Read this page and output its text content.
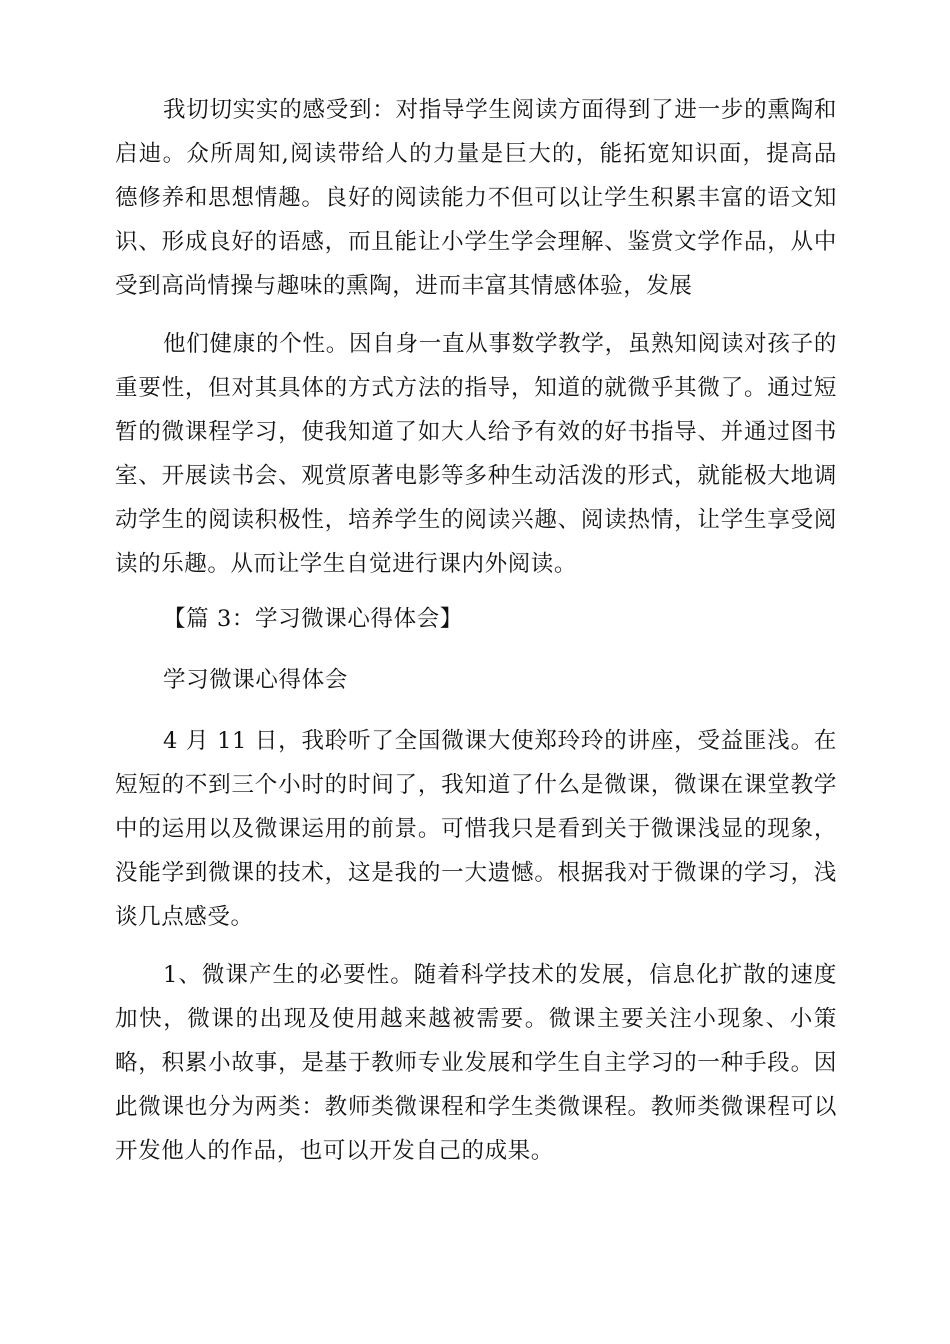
我切切实实的感受到：对指导学生阅读方面得到了进一步的熏陶和启迪。众所周知,阅读带给人的力量是巨大的，能拓宽知识面，提高品德修养和思想情趣。良好的阅读能力不但可以让学生积累丰富的语文知识、形成良好的语感，而且能让小学生学会理解、鉴赏文学作品，从中受到高尚情操与趣味的熏陶，进而丰富其情感体验，发展

他们健康的个性。因自身一直从事数学教学，虽熟知阅读对孩子的重要性，但对其具体的方式方法的指导，知道的就微乎其微了。通过短暂的微课程学习，使我知道了如大人给予有效的好书指导、并通过图书室、开展读书会、观赏原著电影等多种生动活泼的形式，就能极大地调动学生的阅读积极性，培养学生的阅读兴趣、阅读热情，让学生享受阅读的乐趣。从而让学生自觉进行课内外阅读。

【篇 3：学习微课心得体会】

学习微课心得体会

4 月 11 日，我聆听了全国微课大使郑玲玲的讲座，受益匪浅。在短短的不到三个小时的时间了，我知道了什么是微课，微课在课堂教学中的运用以及微课运用的前景。可惜我只是看到关于微课浅显的现象，没能学到微课的技术，这是我的一大遗憾。根据我对于微课的学习，浅谈几点感受。

1、微课产生的必要性。随着科学技术的发展，信息化扩散的速度加快，微课的出现及使用越来越被需要。微课主要关注小现象、小策略，积累小故事，是基于教师专业发展和学生自主学习的一种手段。因此微课也分为两类：教师类微课程和学生类微课程。教师类微课程可以开发他人的作品，也可以开发自己的成果。
